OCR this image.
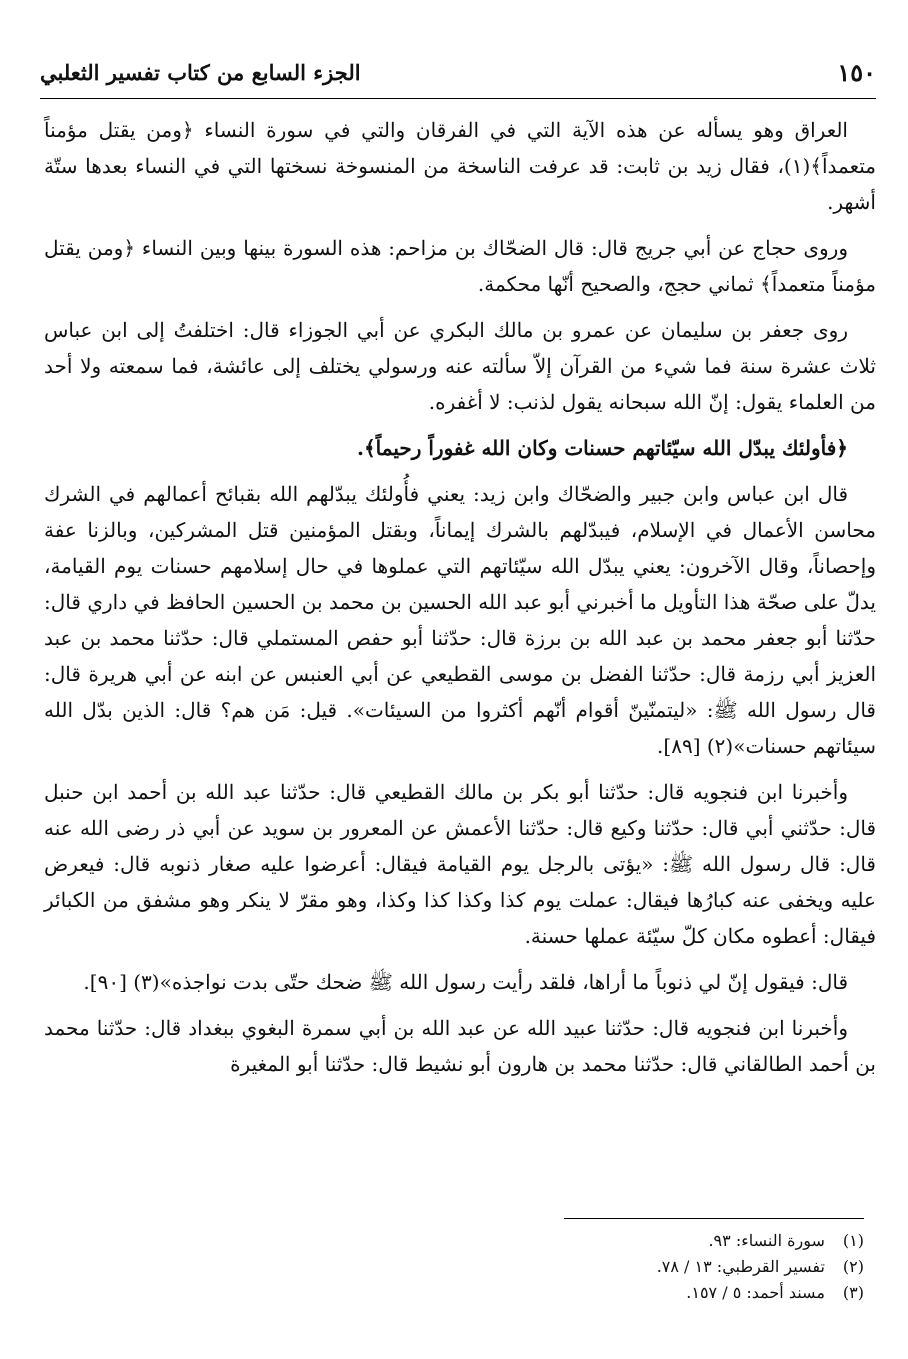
١٥٠
الجزء السابع من كتاب تفسير الثعلبي

العراق وهو يسأله عن هذه الآية التي في الفرقان والتي في سورة النساء ﴿ومن يقتل مؤمناً متعمداً﴾(١)، فقال زيد بن ثابت: قد عرفت الناسخة من المنسوخة نسختها التي في النساء بعدها ستّة أشهر.

وروى حجاج عن أبي جريج قال: قال الضحّاك بن مزاحم: هذه السورة بينها وبين النساء ﴿ومن يقتل مؤمناً متعمداً﴾ ثماني حجج، والصحيح أنّها محكمة.

روى جعفر بن سليمان عن عمرو بن مالك البكري عن أبي الجوزاء قال: اختلفتُ إلى ابن عباس ثلاث عشرة سنة فما شيء من القرآن إلاّ سألته عنه ورسولي يختلف إلى عائشة، فما سمعته ولا أحد من العلماء يقول: إنّ الله سبحانه يقول لذنب: لا أغفره.

﴿فأولئك يبدّل الله سيّئاتهم حسنات وكان الله غفوراً رحيماً﴾.

قال ابن عباس وابن جبير والضحّاك وابن زيد: يعني فأُولئك يبدّلهم الله بقبائح أعمالهم في الشرك محاسن الأعمال في الإسلام، فيبدّلهم بالشرك إيماناً، وبقتل المؤمنين قتل المشركين، وبالزنا عفة وإحصاناً، وقال الآخرون: يعني يبدّل الله سيّئاتهم التي عملوها في حال إسلامهم حسنات يوم القيامة، يدلّ على صحّة هذا التأويل ما أخبرني أبو عبد الله الحسين بن محمد بن الحسين الحافظ في داري قال: حدّثنا أبو جعفر محمد بن عبد الله بن برزة قال: حدّثنا أبو حفص المستملي قال: حدّثنا محمد بن عبد العزيز أبي رزمة قال: حدّثنا الفضل بن موسى القطيعي عن أبي العنبس عن ابنه عن أبي هريرة قال: قال رسول الله ﷺ: «ليتمنّينّ أقوام أنّهم أكثروا من السيئات». قيل: مَن هم؟ قال: الذين بدّل الله سيئاتهم حسنات»(٢) [٨٩].

وأخبرنا ابن فنجويه قال: حدّثنا أبو بكر بن مالك القطيعي قال: حدّثنا عبد الله بن أحمد ابن حنبل قال: حدّثني أبي قال: حدّثنا وكيع قال: حدّثنا الأعمش عن المعرور بن سويد عن أبي ذر رضى الله عنه قال: قال رسول الله ﷺ: «يؤتى بالرجل يوم القيامة فيقال: أعرضوا عليه صغار ذنوبه قال: فيعرض عليه ويخفى عنه كبارُها فيقال: عملت يوم كذا وكذا كذا وكذا، وهو مقرّ لا ينكر وهو مشفق من الكبائر فيقال: أعطوه مكان كلّ سيّئة عملها حسنة.

قال: فيقول إنّ لي ذنوباً ما أراها، فلقد رأيت رسول الله ﷺ ضحك حتّى بدت نواجذه»(٣) [٩٠].

وأخبرنا ابن فنجويه قال: حدّثنا عبيد الله عن عبد الله بن أبي سمرة البغوي ببغداد قال: حدّثنا محمد بن أحمد الطالقاني قال: حدّثنا محمد بن هارون أبو نشيط قال: حدّثنا أبو المغيرة

(١) سورة النساء: ٩٣.

(٢) تفسير القرطبي: ١٣ / ٧٨.

(٣) مسند أحمد: ٥ / ١٥٧.
